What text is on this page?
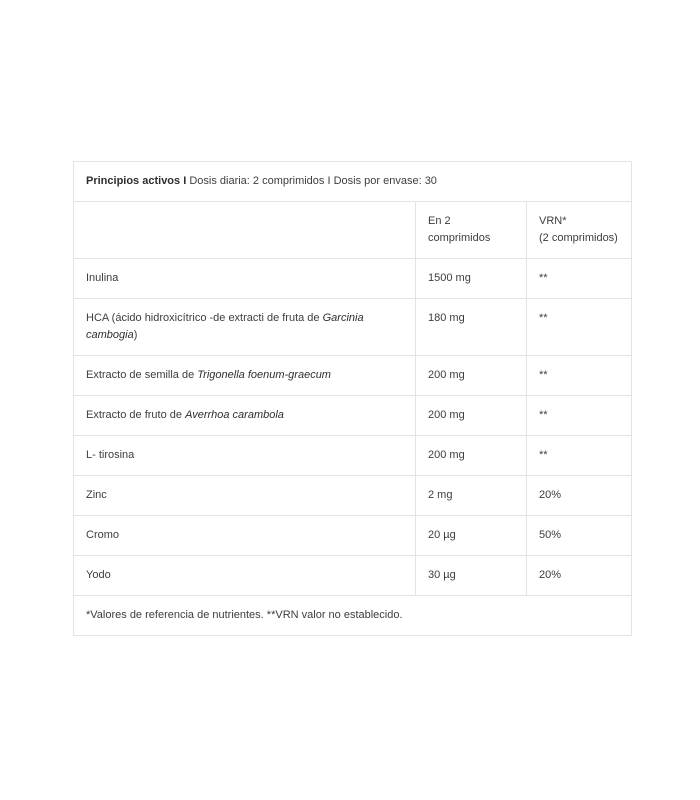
Principios activos I Dosis diaria: 2 comprimidos I Dosis por envase: 30		
	En 2 comprimidos	VRN*
(2 comprimidos)

Inulina	1500 mg	**
HCA (ácido hidroxicítrico -de extracti de fruta de Garcinia cambogia)	180 mg	**
Extracto de semilla de Trigonella foenum-graecum	200 mg	**
Extracto de fruto de Averrhoa carambola	200 mg	**
L- tirosina	200 mg	**
Zinc	2 mg	20%
Cromo	20 µg	50%
Yodo	30 µg	20%
*Valores de referencia de nutrientes. **VRN valor no establecido.		
